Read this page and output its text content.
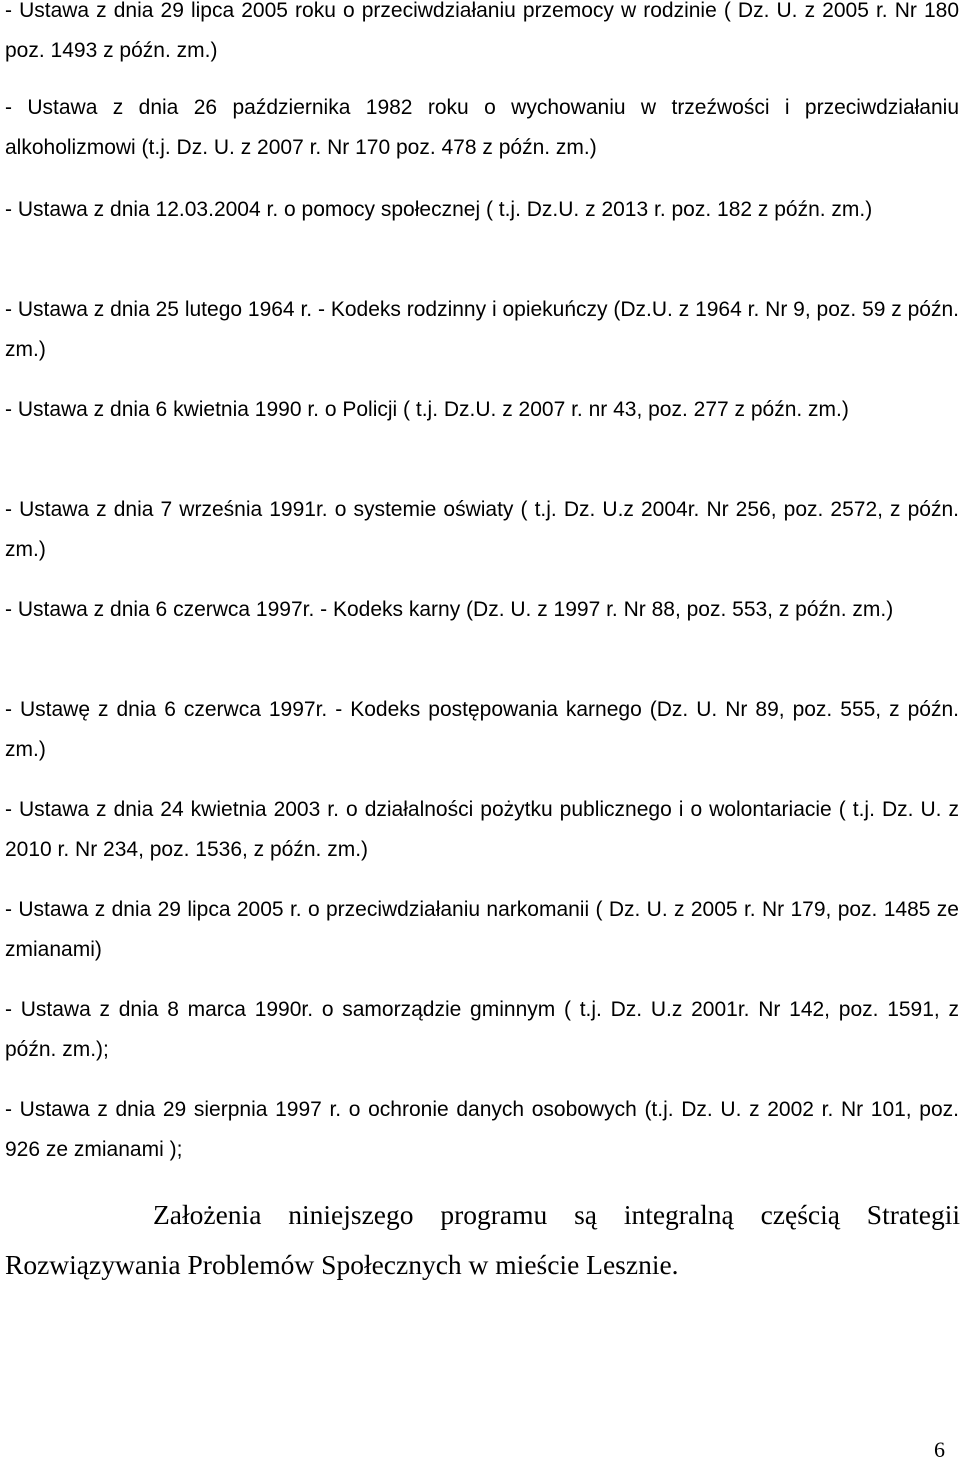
- Ustawa z dnia 29 lipca 2005 roku o przeciwdziałaniu przemocy w rodzinie ( Dz. U. z 2005 r. Nr 180 poz. 1493 z późn. zm.)
- Ustawa z dnia 26 października 1982 roku o wychowaniu w trzeźwości i przeciwdziałaniu alkoholizmowi (t.j. Dz. U. z 2007 r. Nr 170 poz. 478 z późn. zm.)
- Ustawa z dnia 12.03.2004 r. o pomocy społecznej ( t.j. Dz.U. z 2013 r. poz. 182 z późn. zm.)
- Ustawa z dnia 25 lutego 1964 r. - Kodeks rodzinny i opiekuńczy (Dz.U. z 1964 r. Nr 9, poz. 59 z późn. zm.)
- Ustawa z dnia 6 kwietnia 1990 r. o Policji ( t.j. Dz.U. z 2007 r. nr 43, poz. 277 z późn. zm.)
- Ustawa z dnia 7 września 1991r. o systemie oświaty ( t.j. Dz. U.z 2004r. Nr 256, poz. 2572, z późn. zm.)
- Ustawa z dnia 6 czerwca 1997r. - Kodeks karny (Dz. U. z 1997 r. Nr 88, poz. 553, z późn. zm.)
- Ustawę z dnia 6 czerwca 1997r. - Kodeks postępowania karnego (Dz. U. Nr 89, poz. 555, z późn. zm.)
- Ustawa z dnia 24 kwietnia 2003 r. o działalności pożytku publicznego i o wolontariacie ( t.j. Dz. U. z 2010 r. Nr 234, poz. 1536, z późn. zm.)
- Ustawa z dnia 29 lipca 2005 r. o przeciwdziałaniu narkomanii ( Dz. U. z 2005 r. Nr 179, poz. 1485 ze zmianami)
- Ustawa z dnia 8 marca 1990r. o samorządzie gminnym ( t.j. Dz. U.z 2001r. Nr 142, poz. 1591, z późn. zm.);
- Ustawa z dnia 29 sierpnia 1997 r. o ochronie danych osobowych (t.j. Dz. U. z 2002 r. Nr 101, poz. 926 ze zmianami );
Założenia niniejszego programu są integralną częścią Strategii Rozwiązywania Problemów Społecznych w mieście Lesznie.
6
